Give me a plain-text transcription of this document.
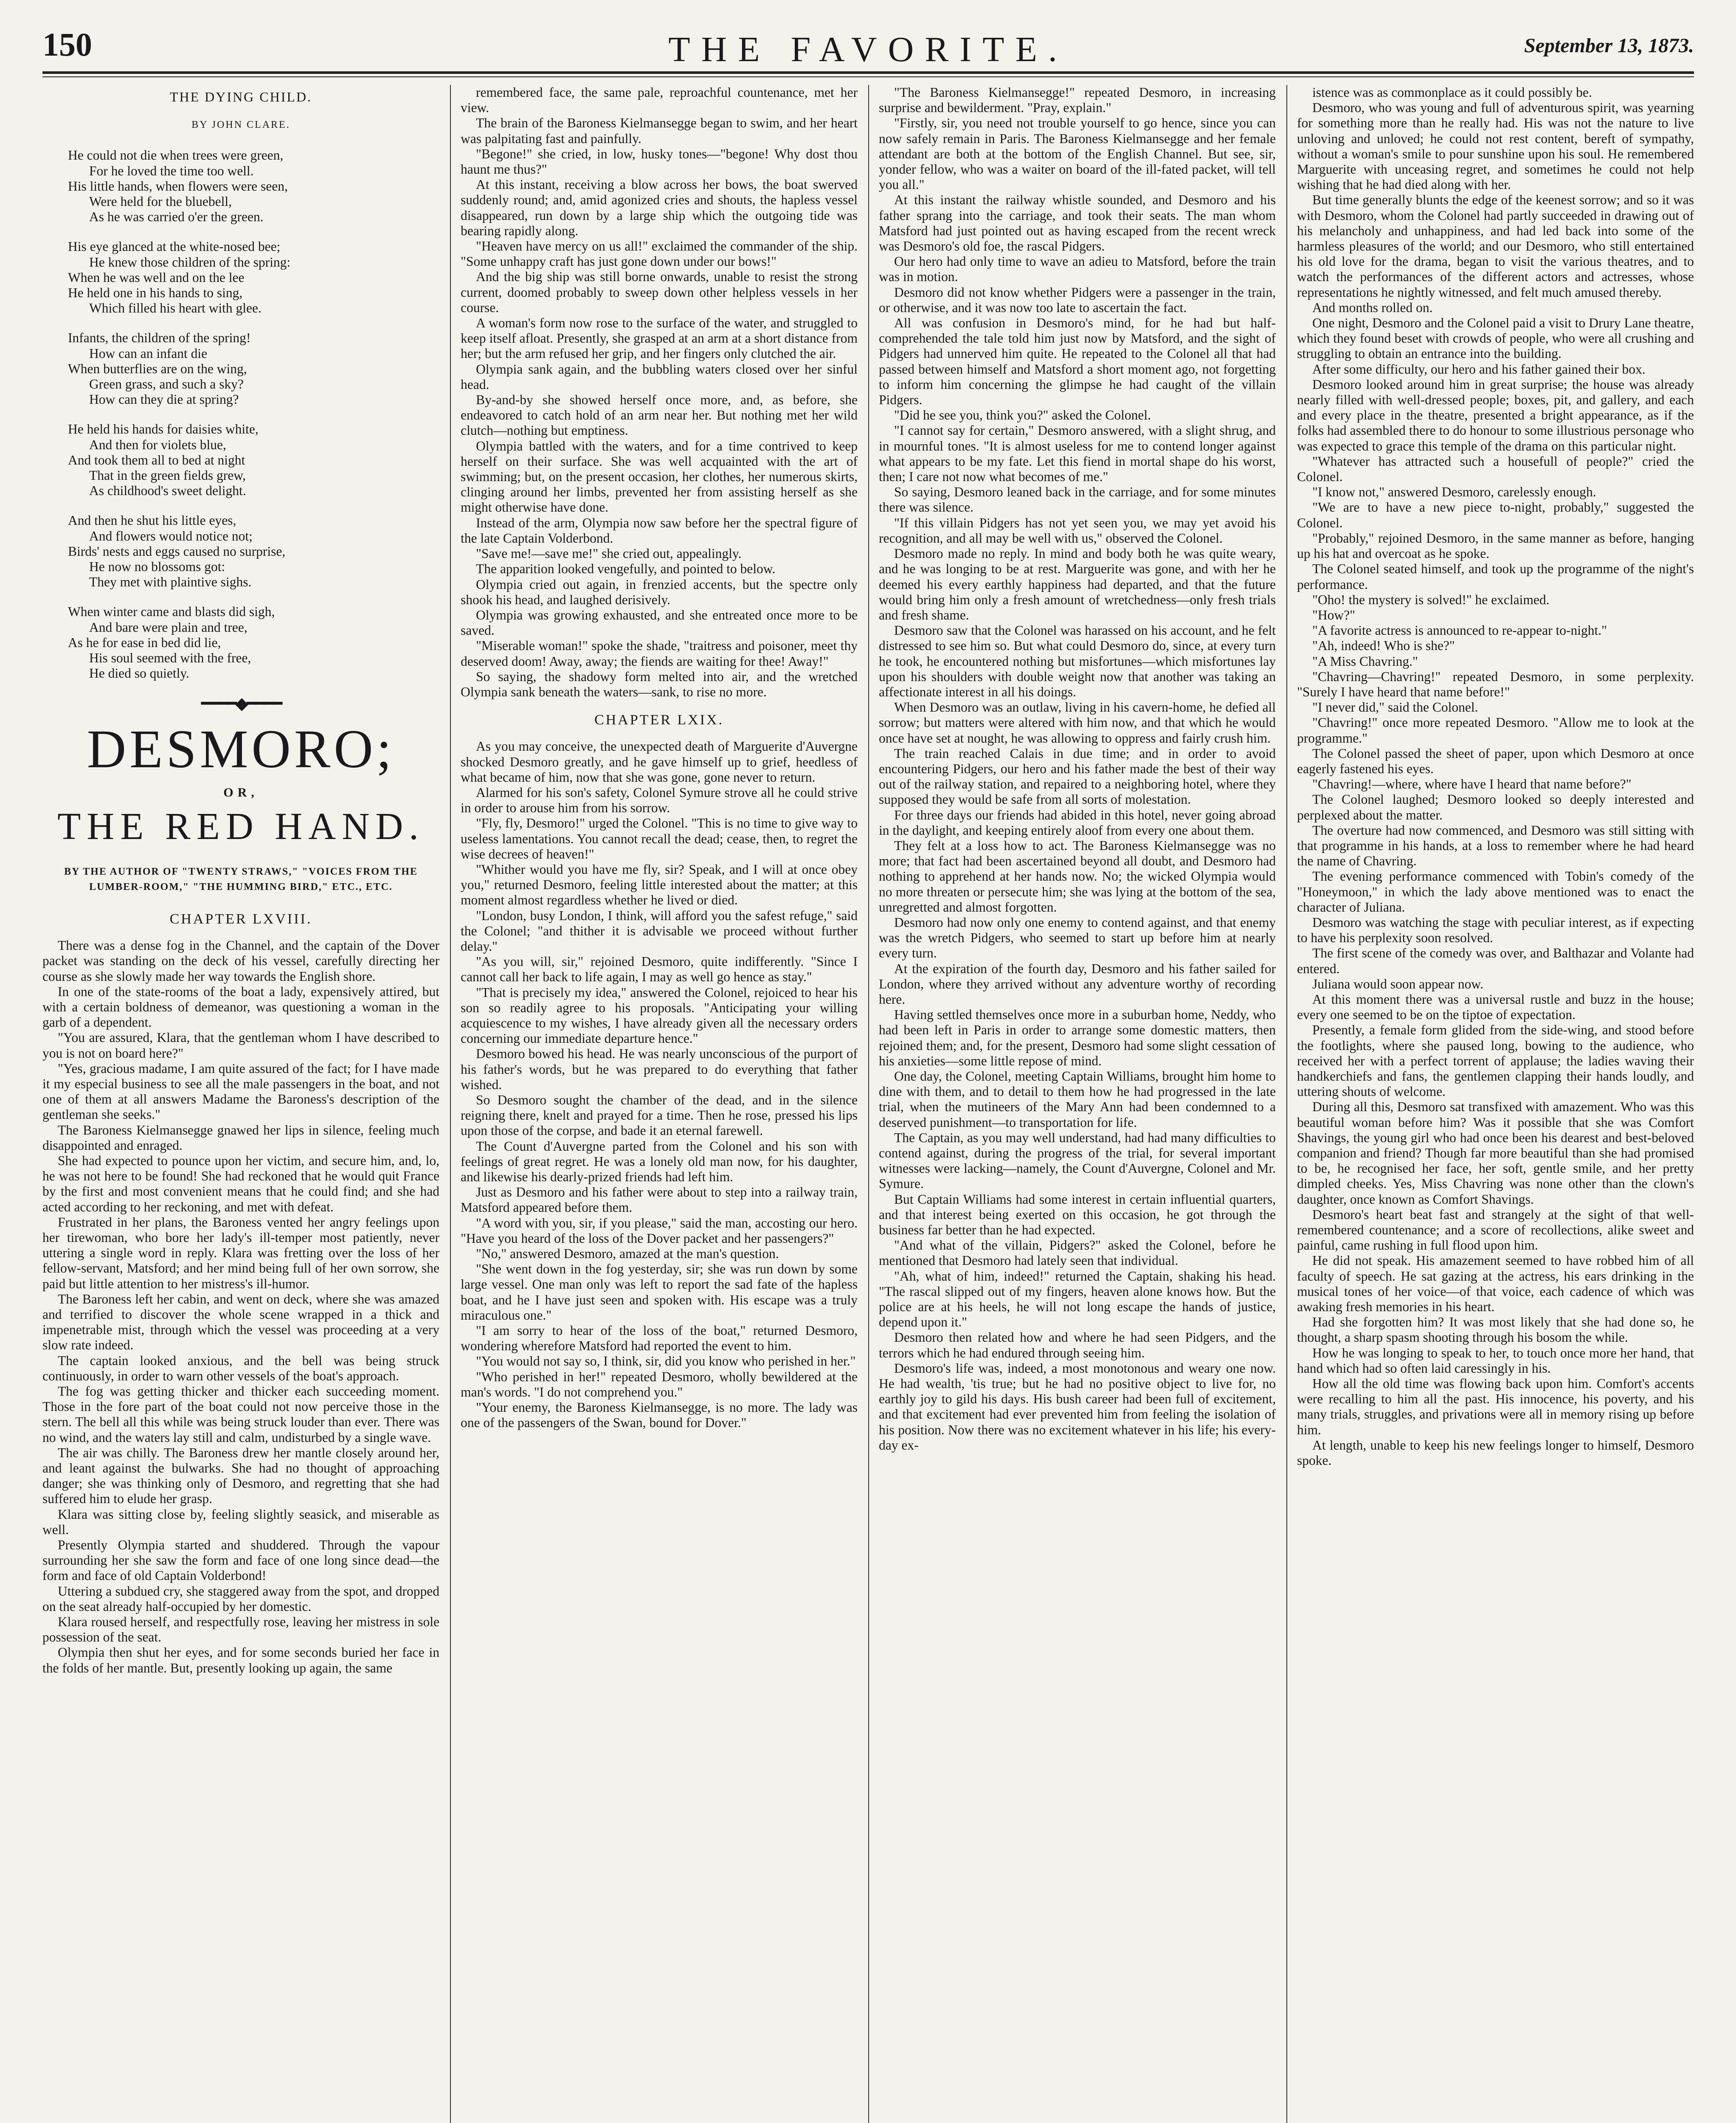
150	THE FAVORITE.	September 13, 1873.
THE DYING CHILD.
BY JOHN CLARE.
He could not die when trees were green,
For he loved the time too well.
His little hands, when flowers were seen,
Were held for the bluebell,
As he was carried o'er the green.
His eye glanced at the white-nosed bee;
He knew those children of the spring:
When he was well and on the lee
He held one in his hands to sing,
Which filled his heart with glee.
Infants, the children of the spring!
How can an infant die
When butterflies are on the wing,
Green grass, and such a sky?
How can they die at spring?
He held his hands for daisies white,
And then for violets blue,
And took them all to bed at night
That in the green fields grew,
As childhood's sweet delight.
And then he shut his little eyes,
And flowers would notice not;
Birds' nests and eggs caused no surprise,
He now no blossoms got:
They met with plaintive sighs.
When winter came and blasts did sigh,
And bare were plain and tree,
As he for ease in bed did lie,
His soul seemed with the free,
He died so quietly.
━━━━◆━━━━
DESMORO;
OR,
THE RED HAND.
BY THE AUTHOR OF "TWENTY STRAWS," "VOICES FROM THE LUMBER-ROOM," "THE HUMMING BIRD," ETC., ETC.
CHAPTER LXVIII.

There was a dense fog in the Channel, and the captain of the Dover packet was standing on the deck of his vessel, carefully directing her course as she slowly made her way towards the English shore.

In one of the state-rooms of the boat a lady, expensively attired, but with a certain boldness of demeanor, was questioning a woman in the garb of a dependent.

"You are assured, Klara, that the gentleman whom I have described to you is not on board here?"

"Yes, gracious madame, I am quite assured of the fact; for I have made it my especial business to see all the male passengers in the boat, and not one of them at all answers Madame the Baroness's description of the gentleman she seeks."

The Baroness Kielmansegge gnawed her lips in silence, feeling much disappointed and enraged.

She had expected to pounce upon her victim, and secure him, and, lo, he was not here to be found! She had reckoned that he would quit France by the first and most convenient means that he could find; and she had acted according to her reckoning, and met with defeat.

Frustrated in her plans, the Baroness vented her angry feelings upon her tirewoman, who bore her lady's ill-temper most patiently, never uttering a single word in reply. Klara was fretting over the loss of her fellow-servant, Matsford; and her mind being full of her own sorrow, she paid but little attention to her mistress's ill-humor.

The Baroness left her cabin, and went on deck, where she was amazed and terrified to discover the whole scene wrapped in a thick and impenetrable mist, through which the vessel was proceeding at a very slow rate indeed.

The captain looked anxious, and the bell was being struck continuously, in order to warn other vessels of the boat's approach.

The fog was getting thicker and thicker each succeeding moment. Those in the fore part of the boat could not now perceive those in the stern. The bell all this while was being struck louder than ever. There was no wind, and the waters lay still and calm, undisturbed by a single wave.

The air was chilly. The Baroness drew her mantle closely around her, and leant against the bulwarks. She had no thought of approaching danger; she was thinking only of Desmoro, and regretting that she had suffered him to elude her grasp.

Klara was sitting close by, feeling slightly seasick, and miserable as well.

Presently Olympia started and shuddered. Through the vapour surrounding her she saw the form and face of one long since dead—the form and face of old Captain Volderbond!

Uttering a subdued cry, she staggered away from the spot, and dropped on the seat already half-occupied by her domestic.

Klara roused herself, and respectfully rose, leaving her mistress in sole possession of the seat.

Olympia then shut her eyes, and for some seconds buried her face in the folds of her mantle. But, presently looking up again, the same

remembered face, the same pale, reproachful countenance, met her view.

The brain of the Baroness Kielmansegge began to swim, and her heart was palpitating fast and painfully.

"Begone!" she cried, in low, husky tones—"begone! Why dost thou haunt me thus?"

At this instant, receiving a blow across her bows, the boat swerved suddenly round; and, amid agonized cries and shouts, the hapless vessel disappeared, run down by a large ship which the outgoing tide was bearing rapidly along.

"Heaven have mercy on us all!" exclaimed the commander of the ship. "Some unhappy craft has just gone down under our bows!"

And the big ship was still borne onwards, unable to resist the strong current, doomed probably to sweep down other helpless vessels in her course.

A woman's form now rose to the surface of the water, and struggled to keep itself afloat. Presently, she grasped at an arm at a short distance from her; but the arm refused her grip, and her fingers only clutched the air.

Olympia sank again, and the bubbling waters closed over her sinful head.

By-and-by she showed herself once more, and, as before, she endeavored to catch hold of an arm near her. But nothing met her wild clutch—nothing but emptiness.

Olympia battled with the waters, and for a time contrived to keep herself on their surface. She was well acquainted with the art of swimming; but, on the present occasion, her clothes, her numerous skirts, clinging around her limbs, prevented her from assisting herself as she might otherwise have done.

Instead of the arm, Olympia now saw before her the spectral figure of the late Captain Volderbond.

"Save me!—save me!" she cried out, appealingly.

The apparition looked vengefully, and pointed to below.

Olympia cried out again, in frenzied accents, but the spectre only shook his head, and laughed derisively.

Olympia was growing exhausted, and she entreated once more to be saved.

"Miserable woman!" spoke the shade, "traitress and poisoner, meet thy deserved doom! Away, away; the fiends are waiting for thee! Away!"

So saying, the shadowy form melted into air, and the wretched Olympia sank beneath the waters—sank, to rise no more.

CHAPTER LXIX.

As you may conceive, the unexpected death of Marguerite d'Auvergne shocked Desmoro greatly, and he gave himself up to grief, heedless of what became of him, now that she was gone, gone never to return.

Alarmed for his son's safety, Colonel Symure strove all he could strive in order to arouse him from his sorrow.

"Fly, fly, Desmoro!" urged the Colonel. "This is no time to give way to useless lamentations. You cannot recall the dead; cease, then, to regret the wise decrees of heaven!"

"Whither would you have me fly, sir? Speak, and I will at once obey you," returned Desmoro, feeling little interested about the matter; at this moment almost regardless whether he lived or died.

"London, busy London, I think, will afford you the safest refuge," said the Colonel; "and thither it is advisable we proceed without further delay."

"As you will, sir," rejoined Desmoro, quite indifferently. "Since I cannot call her back to life again, I may as well go hence as stay."

"That is precisely my idea," answered the Colonel, rejoiced to hear his son so readily agree to his proposals. "Anticipating your willing acquiescence to my wishes, I have already given all the necessary orders concerning our immediate departure hence."

Desmoro bowed his head. He was nearly unconscious of the purport of his father's words, but he was prepared to do everything that father wished.

So Desmoro sought the chamber of the dead, and in the silence reigning there, knelt and prayed for a time. Then he rose, pressed his lips upon those of the corpse, and bade it an eternal farewell.

The Count d'Auvergne parted from the Colonel and his son with feelings of great regret. He was a lonely old man now, for his daughter, and likewise his dearly-prized friends had left him.

Just as Desmoro and his father were about to step into a railway train, Matsford appeared before them.

"A word with you, sir, if you please," said the man, accosting our hero. "Have you heard of the loss of the Dover packet and her passengers?"

"No," answered Desmoro, amazed at the man's question.

"She went down in the fog yesterday, sir; she was run down by some large vessel. One man only was left to report the sad fate of the hapless boat, and he I have just seen and spoken with. His escape was a truly miraculous one."

"I am sorry to hear of the loss of the boat," returned Desmoro, wondering wherefore Matsford had reported the event to him.

"You would not say so, I think, sir, did you know who perished in her."

"Who perished in her!" repeated Desmoro, wholly bewildered at the man's words. "I do not comprehend you."

"Your enemy, the Baroness Kielmansegge, is no more. The lady was one of the passengers of the Swan, bound for Dover."

"The Baroness Kielmansegge!" repeated Desmoro, in increasing surprise and bewilderment. "Pray, explain."

"Firstly, sir, you need not trouble yourself to go hence, since you can now safely remain in Paris. The Baroness Kielmansegge and her female attendant are both at the bottom of the English Channel. But see, sir, yonder fellow, who was a waiter on board of the ill-fated packet, will tell you all."

At this instant the railway whistle sounded, and Desmoro and his father sprang into the carriage, and took their seats. The man whom Matsford had just pointed out as having escaped from the recent wreck was Desmoro's old foe, the rascal Pidgers.

Our hero had only time to wave an adieu to Matsford, before the train was in motion.

Desmoro did not know whether Pidgers were a passenger in the train, or otherwise, and it was now too late to ascertain the fact.

All was confusion in Desmoro's mind, for he had but half-comprehended the tale told him just now by Matsford, and the sight of Pidgers had unnerved him quite. He repeated to the Colonel all that had passed between himself and Matsford a short moment ago, not forgetting to inform him concerning the glimpse he had caught of the villain Pidgers.

"Did he see you, think you?" asked the Colonel.

"I cannot say for certain," Desmoro answered, with a slight shrug, and in mournful tones. "It is almost useless for me to contend longer against what appears to be my fate. Let this fiend in mortal shape do his worst, then; I care not now what becomes of me."

So saying, Desmoro leaned back in the carriage, and for some minutes there was silence.

"If this villain Pidgers has not yet seen you, we may yet avoid his recognition, and all may be well with us," observed the Colonel.

Desmoro made no reply. In mind and body both he was quite weary, and he was longing to be at rest. Marguerite was gone, and with her he deemed his every earthly happiness had departed, and that the future would bring him only a fresh amount of wretchedness—only fresh trials and fresh shame.

Desmoro saw that the Colonel was harassed on his account, and he felt distressed to see him so. But what could Desmoro do, since, at every turn he took, he encountered nothing but misfortunes—which misfortunes lay upon his shoulders with double weight now that another was taking an affectionate interest in all his doings.

When Desmoro was an outlaw, living in his cavern-home, he defied all sorrow; but matters were altered with him now, and that which he would once have set at nought, he was allowing to oppress and fairly crush him.

The train reached Calais in due time; and in order to avoid encountering Pidgers, our hero and his father made the best of their way out of the railway station, and repaired to a neighboring hotel, where they supposed they would be safe from all sorts of molestation.

For three days our friends had abided in this hotel, never going abroad in the daylight, and keeping entirely aloof from every one about them.

They felt at a loss how to act. The Baroness Kielmansegge was no more; that fact had been ascertained beyond all doubt, and Desmoro had nothing to apprehend at her hands now. No; the wicked Olympia would no more threaten or persecute him; she was lying at the bottom of the sea, unregretted and almost forgotten.

Desmoro had now only one enemy to contend against, and that enemy was the wretch Pidgers, who seemed to start up before him at nearly every turn.

At the expiration of the fourth day, Desmoro and his father sailed for London, where they arrived without any adventure worthy of recording here.

Having settled themselves once more in a suburban home, Neddy, who had been left in Paris in order to arrange some domestic matters, then rejoined them; and, for the present, Desmoro had some slight cessation of his anxieties—some little repose of mind.

One day, the Colonel, meeting Captain Williams, brought him home to dine with them, and to detail to them how he had progressed in the late trial, when the mutineers of the Mary Ann had been condemned to a deserved punishment—to transportation for life.

The Captain, as you may well understand, had had many difficulties to contend against, during the progress of the trial, for several important witnesses were lacking—namely, the Count d'Auvergne, Colonel and Mr. Symure.

But Captain Williams had some interest in certain influential quarters, and that interest being exerted on this occasion, he got through the business far better than he had expected.

"And what of the villain, Pidgers?" asked the Colonel, before he mentioned that Desmoro had lately seen that individual.

"Ah, what of him, indeed!" returned the Captain, shaking his head. "The rascal slipped out of my fingers, heaven alone knows how. But the police are at his heels, he will not long escape the hands of justice, depend upon it."

Desmoro then related how and where he had seen Pidgers, and the terrors which he had endured through seeing him.

Desmoro's life was, indeed, a most monotonous and weary one now. He had wealth, 'tis true; but he had no positive object to live for, no earthly joy to gild his days. His bush career had been full of excitement, and that excitement had ever prevented him from feeling the isolation of his position. Now there was no excitement whatever in his life; his every-day ex-

istence was as commonplace as it could possibly be.

Desmoro, who was young and full of adventurous spirit, was yearning for something more than he really had. His was not the nature to live unloving and unloved; he could not rest content, bereft of sympathy, without a woman's smile to pour sunshine upon his soul. He remembered Marguerite with unceasing regret, and sometimes he could not help wishing that he had died along with her.

But time generally blunts the edge of the keenest sorrow; and so it was with Desmoro, whom the Colonel had partly succeeded in drawing out of his melancholy and unhappiness, and had led back into some of the harmless pleasures of the world; and our Desmoro, who still entertained his old love for the drama, began to visit the various theatres, and to watch the performances of the different actors and actresses, whose representations he nightly witnessed, and felt much amused thereby.

And months rolled on.

One night, Desmoro and the Colonel paid a visit to Drury Lane theatre, which they found beset with crowds of people, who were all crushing and struggling to obtain an entrance into the building.

After some difficulty, our hero and his father gained their box.

Desmoro looked around him in great surprise; the house was already nearly filled with well-dressed people; boxes, pit, and gallery, and each and every place in the theatre, presented a bright appearance, as if the folks had assembled there to do honour to some illustrious personage who was expected to grace this temple of the drama on this particular night.

"Whatever has attracted such a housefull of people?" cried the Colonel.

"I know not," answered Desmoro, carelessly enough.

"We are to have a new piece to-night, probably," suggested the Colonel.

"Probably," rejoined Desmoro, in the same manner as before, hanging up his hat and overcoat as he spoke.

The Colonel seated himself, and took up the programme of the night's performance.

"Oho! the mystery is solved!" he exclaimed.

"How?"

"A favorite actress is announced to re-appear to-night."

"Ah, indeed! Who is she?"

"A Miss Chavring."

"Chavring—Chavring!" repeated Desmoro, in some perplexity. "Surely I have heard that name before!"

"I never did," said the Colonel.

"Chavring!" once more repeated Desmoro. "Allow me to look at the programme."

The Colonel passed the sheet of paper, upon which Desmoro at once eagerly fastened his eyes.

"Chavring!—where, where have I heard that name before?"

The Colonel laughed; Desmoro looked so deeply interested and perplexed about the matter.

The overture had now commenced, and Desmoro was still sitting with that programme in his hands, at a loss to remember where he had heard the name of Chavring.

The evening performance commenced with Tobin's comedy of the "Honeymoon," in which the lady above mentioned was to enact the character of Juliana.

Desmoro was watching the stage with peculiar interest, as if expecting to have his perplexity soon resolved.

The first scene of the comedy was over, and Balthazar and Volante had entered.

Juliana would soon appear now.

At this moment there was a universal rustle and buzz in the house; every one seemed to be on the tiptoe of expectation.

Presently, a female form glided from the side-wing, and stood before the footlights, where she paused long, bowing to the audience, who received her with a perfect torrent of applause; the ladies waving their handkerchiefs and fans, the gentlemen clapping their hands loudly, and uttering shouts of welcome.

During all this, Desmoro sat transfixed with amazement. Who was this beautiful woman before him? Was it possible that she was Comfort Shavings, the young girl who had once been his dearest and best-beloved companion and friend? Though far more beautiful than she had promised to be, he recognised her face, her soft, gentle smile, and her pretty dimpled cheeks. Yes, Miss Chavring was none other than the clown's daughter, once known as Comfort Shavings.

Desmoro's heart beat fast and strangely at the sight of that well-remembered countenance; and a score of recollections, alike sweet and painful, came rushing in full flood upon him.

He did not speak. His amazement seemed to have robbed him of all faculty of speech. He sat gazing at the actress, his ears drinking in the musical tones of her voice—of that voice, each cadence of which was awaking fresh memories in his heart.

Had she forgotten him? It was most likely that she had done so, he thought, a sharp spasm shooting through his bosom the while.

How he was longing to speak to her, to touch once more her hand, that hand which had so often laid caressingly in his.

How all the old time was flowing back upon him. Comfort's accents were recalling to him all the past. His innocence, his poverty, and his many trials, struggles, and privations were all in memory rising up before him.

At length, unable to keep his new feelings longer to himself, Desmoro spoke.
